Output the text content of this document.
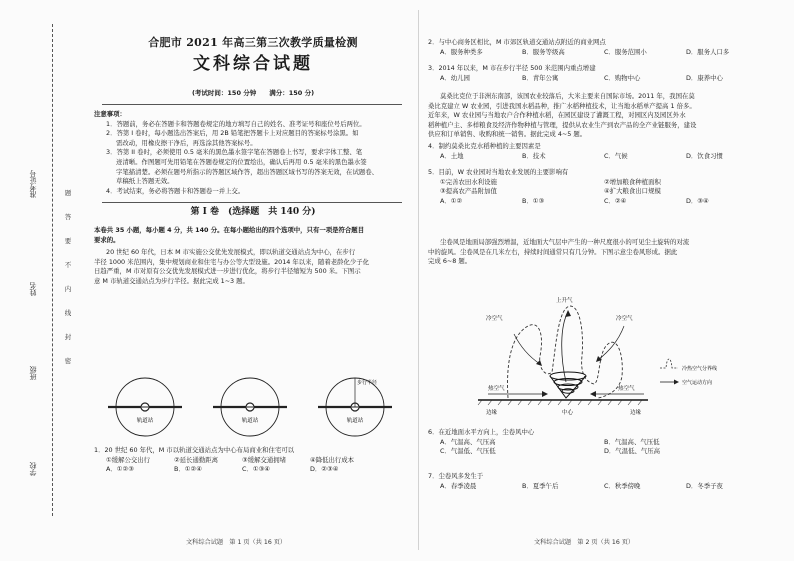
准考证号
姓名
班级
学校
题
答
要
不
内
线
封
密
合肥市 2021 年高三第三次教学质量检测
文科综合试题
(考试时间：150 分钟　　满分：150 分)

注意事项：

1．答题前，务必在答题卡和答题卷规定的地方填写自己的姓名、准考证号和座位号后两位。

2．答第 I 卷时，每小题选出答案后，用 2B 铅笔把答题卡上对应题目的答案标号涂黑。如

需改动，用橡皮擦干净后，再选涂其他答案标号。

3．答第 II 卷时，必须使用 0.5 毫米的黑色墨水签字笔在答题卷上书写，要求字体工整、笔

迹清晰。作图题可先用铅笔在答题卷规定的位置绘出，确认后再用 0.5 毫米的黑色墨水签

字笔描清楚。必须在题号所指示的答题区域作答，超出答题区域书写的答案无效，在试题卷、

草稿纸上答题无效。

4．考试结束，务必将答题卡和答题卷一并上交。

第 I 卷　(选择题　共 140 分)

本卷共 35 小题，每小题 4 分，共 140 分。在每小题给出的四个选项中，只有一项是符合题目

要求的。

20 世纪 60 年代，日本 M 市实施公交优先发展模式，即以轨道交通站点为中心，在步行

半径 1000 米范围内，集中规划商业和住宅与办公等大型设施。2014 年以来，随着老龄化少子化

日趋严重，M 市对原有公交优先发展模式进一步进行优化，将步行半径缩短为 500 米。下图示

意 M 市轨道交通站点为步行半径。据此完成 1~3 题。

轨道站	轨道站	轨道站
步行半径

1．20 世纪 60 年代，M 市以轨道交通站点为中心布局商业和住宅可以

①缓解公交出行	②延长通勤距离	③缓解交通拥堵	④降低出行成本
A．①②③	B．①②④	C．①③④	D．②③④
文科综合试题　第 1 页（共 16 页）

2．与中心商务区相比，M 市郊区轨道交通站点附近的商业网点

A．服务种类多	B．服务等级高	C．服务范围小	D．服务人口多

3．2014 年以来，M 市在步行半径 500 米范围内重点增建

A．幼儿园	B．青年公寓	C．购物中心	D．康养中心

莫桑比克位于非洲东南部，该国农业较落后，大米主要来自国际市场。2011 年，我国在莫

桑比克建立 W 农业园，引进我国水稻品种，推广水稻种植技术，让当地水稻单产提高 1 倍多。

近年来，W 农业园与当地农户合作种植水稻，在园区建设了灌溉工程，对园区内及园区外水

稻种植户主、多样粮食及经济作物种植与管理，提供从农业生产到农产品的全产业链服务，建设

供应和订单销售、收购和统一销售。据此完成 4~5 题。

4．制约莫桑比克水稻种植的主要因素是

A．土地	B．技术	C．气候	D．饮食习惯

5．目前，W 农业园对当地农业发展的主要影响有

①完善农田水利设施	②增加粮食种植面积
③提高农产品附加值	④扩大粮食出口规模
A．①②	B．①③	C．②④	D．③④

尘卷风是地面局部强烈增温，近地面大气层中产生的一种尺度很小的可见尘土旋转的对流

中的旋风。尘卷风是在几米左右，持续时间通常只有几分钟。下图示意尘卷风形成。据此

完成 6~8 题。

冷空气
上升气
冷空气
热空气	热空气
边缘	中心	边缘
冷热空气分界线
空气运动方向

6．在近地面水平方向上，尘卷风中心

A．气温高、气压高	B．气温高、气压低
C．气温低、气压低	D．气温低、气压高

7．尘卷风多发生于

A．春季凌晨	B．夏季午后	C．秋季傍晚	D．冬季子夜
文科综合试题　第 2 页（共 16 页）
